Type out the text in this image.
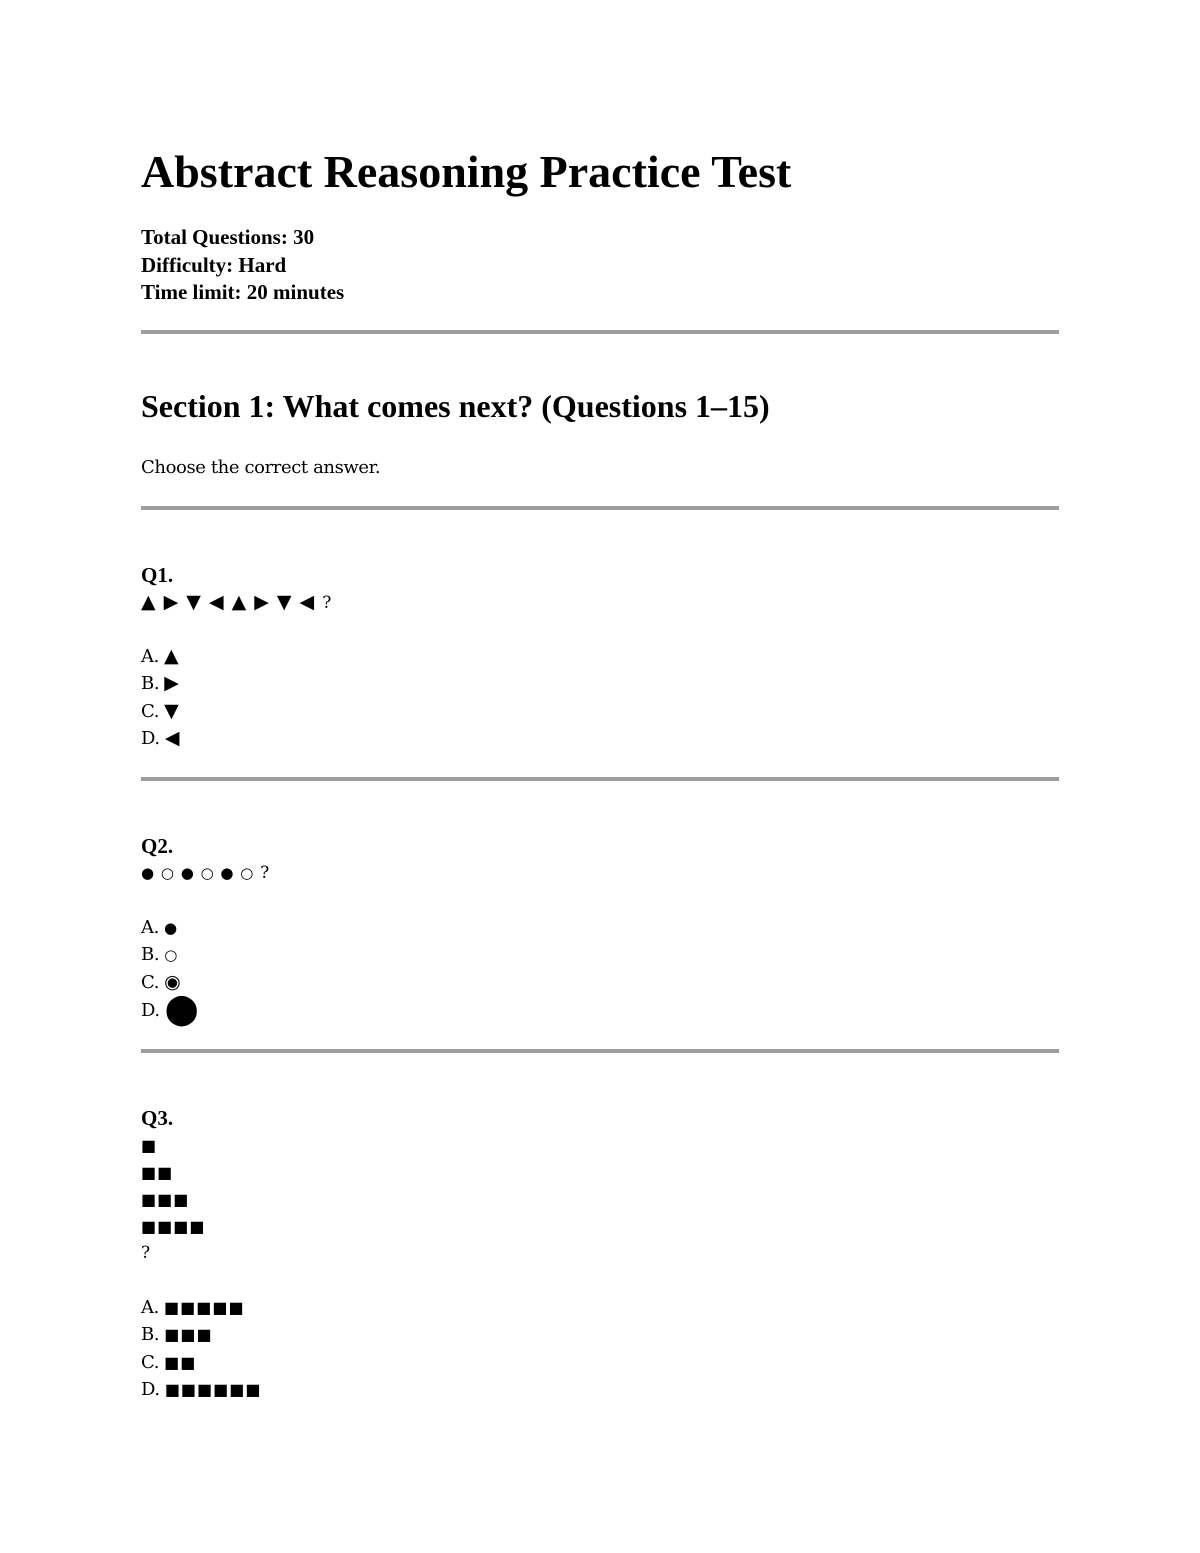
Abstract Reasoning Practice Test
Total Questions: 30
Difficulty: Hard
Time limit: 20 minutes
Section 1: What comes next? (Questions 1–15)
Choose the correct answer.
Q1.
▲ ▶ ▼ ◀ ▲ ▶ ▼ ◀ ?
A. ▲
B. ▶
C. ▼
D. ◀
Q2.
● ○ ● ○ ● ○ ?
A. ●
B. ○
C. ◉
D. ⬤
Q3.
■
■■
■■■
■■■■
?
A. ■■■■■
B. ■■■
C. ■■
D. ■■■■■■
